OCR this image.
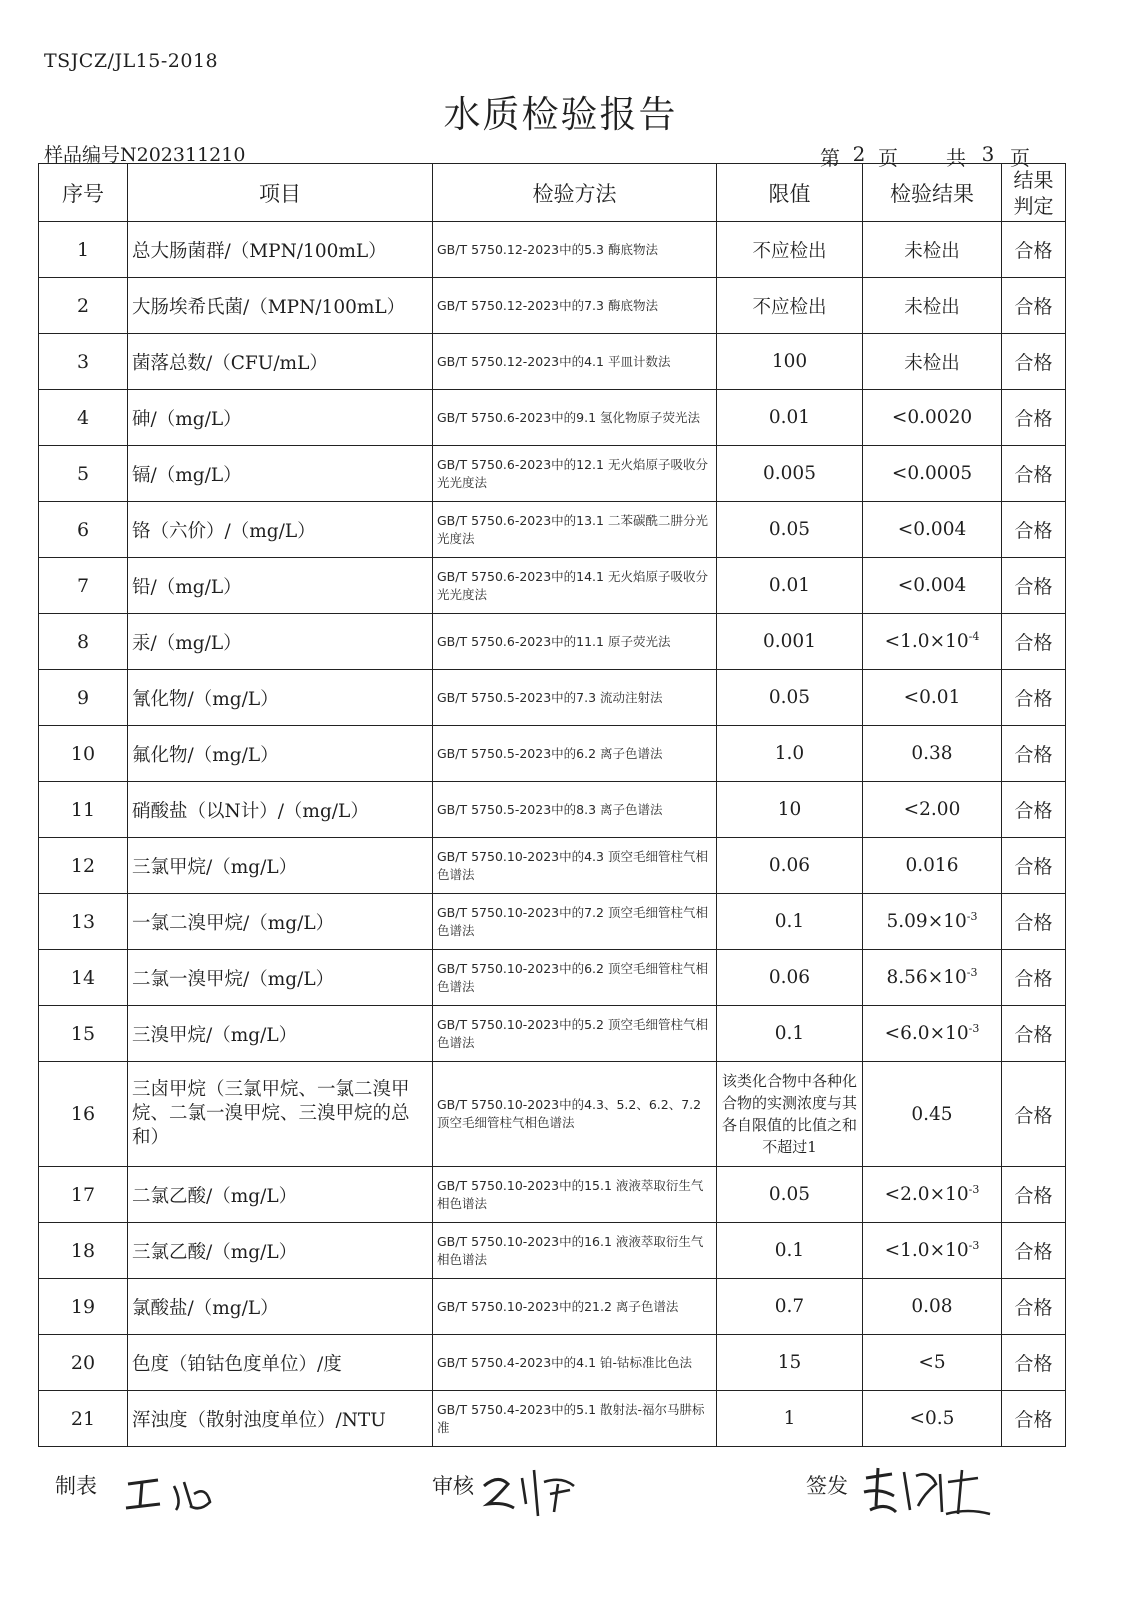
TSJCZ/JL15-2018
水质检验报告
样品编号N202311210	第 2 页 共 3 页
序号	项目	检验方法	限值	检验结果	结果判定
1	总大肠菌群/（MPN/100mL）	GB/T 5750.12-2023中的5.3 酶底物法	不应检出	未检出	合格
2	大肠埃希氏菌/（MPN/100mL）	GB/T 5750.12-2023中的7.3 酶底物法	不应检出	未检出	合格
3	菌落总数/（CFU/mL）	GB/T 5750.12-2023中的4.1 平皿计数法	100	未检出	合格
4	砷/（mg/L）	GB/T 5750.6-2023中的9.1 氢化物原子荧光法	0.01	<0.0020	合格
5	镉/（mg/L）	GB/T 5750.6-2023中的12.1 无火焰原子吸收分光光度法	0.005	<0.0005	合格
6	铬（六价）/（mg/L）	GB/T 5750.6-2023中的13.1 二苯碳酰二肼分光光度法	0.05	<0.004	合格
7	铅/（mg/L）	GB/T 5750.6-2023中的14.1 无火焰原子吸收分光光度法	0.01	<0.004	合格
8	汞/（mg/L）	GB/T 5750.6-2023中的11.1 原子荧光法	0.001	$<1.0\times 10^{-4}$	合格
9	氰化物/（mg/L）	GB/T 5750.5-2023中的7.3 流动注射法	0.05	<0.01	合格
10	氟化物/（mg/L）	GB/T 5750.5-2023中的6.2 离子色谱法	1.0	0.38	合格
11	硝酸盐（以N计）/（mg/L）	GB/T 5750.5-2023中的8.3 离子色谱法	10	<2.00	合格
12	三氯甲烷/（mg/L）	GB/T 5750.10-2023中的4.3 顶空毛细管柱气相色谱法	0.06	0.016	合格
13	一氯二溴甲烷/（mg/L）	GB/T 5750.10-2023中的7.2 顶空毛细管柱气相色谱法	0.1	$5.09\times 10^{-3}$	合格
14	二氯一溴甲烷/（mg/L）	GB/T 5750.10-2023中的6.2 顶空毛细管柱气相色谱法	0.06	$8.56\times 10^{-3}$	合格
15	三溴甲烷/（mg/L）	GB/T 5750.10-2023中的5.2 顶空毛细管柱气相色谱法	0.1	$<6.0\times 10^{-3}$	合格
16	三卤甲烷（三氯甲烷、一氯二溴甲烷、二氯一溴甲烷、三溴甲烷的总和）	GB/T 5750.10-2023中的4.3、5.2、6.2、7.2 顶空毛细管柱气相色谱法	该类化合物中各种化合物的实测浓度与其各自限值的比值之和不超过1	0.45	合格
17	二氯乙酸/（mg/L）	GB/T 5750.10-2023中的15.1 液液萃取衍生气相色谱法	0.05	$<2.0\times 10^{-3}$	合格
18	三氯乙酸/（mg/L）	GB/T 5750.10-2023中的16.1 液液萃取衍生气相色谱法	0.1	$<1.0\times 10^{-3}$	合格
19	氯酸盐/（mg/L）	GB/T 5750.10-2023中的21.2 离子色谱法	0.7	0.08	合格
20	色度（铂钴色度单位）/度	GB/T 5750.4-2023中的4.1 铂-钴标准比色法	15	<5	合格
21	浑浊度（散射浊度单位）/NTU	GB/T 5750.4-2023中的5.1 散射法-福尔马肼标准	1	<0.5	合格
制表	审核	签发
